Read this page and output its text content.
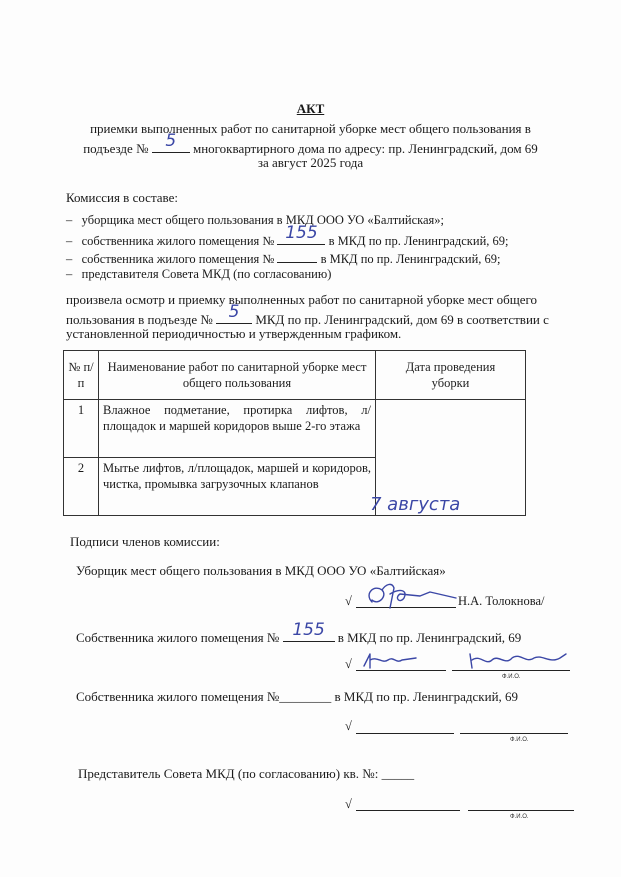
АКТ
приемки выполненных работ по санитарной уборке мест общего пользования в
подъезде № 5	многоквартирного дома по адресу: пр. Ленинградский, дом 69
за август 2025 года
Комиссия в составе:
– уборщика мест общего пользования в МКД ООО УО «Балтийская»;
– собственника жилого помещения № 155 в МКД по пр. Ленинградский, 69;
– собственника жилого помещения №	в МКД по пр. Ленинградский, 69;
– представителя Совета МКД (по согласованию)
произвела осмотр и приемку выполненных работ по санитарной уборке мест общего
пользования в подъезде № 5	МКД по пр. Ленинградский, дом 69 в соответствии с
установленной периодичностью и утвержденным графиком.
№ п/п	Наименование работ по санитарной уборке мест общего пользования	Дата проведения уборки
1	Влажное подметание, протирка лифтов, л/площадок и маршей коридоров выше 2-го этажа	7 августа

2	Мытье лифтов, л/площадок, маршей и коридоров, чистка, промывка загрузочных клапанов	
Подписи членов комиссии:
Уборщик мест общего пользования в МКД ООО УО «Балтийская»
√	Н.А. Толокнова/
Собственника жилого помещения № 155	в МКД по пр. Ленинградский, 69
√
Ф.И.О.
Собственника жилого помещения №________ в МКД по пр. Ленинградский, 69
√
Ф.И.О.
Представитель Совета МКД (по согласованию) кв. №: _____
√
Ф.И.О.
